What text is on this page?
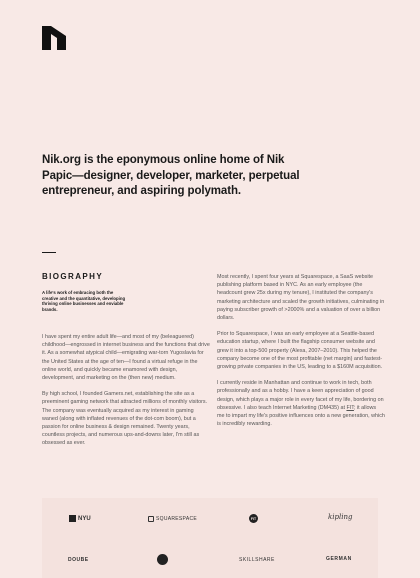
Nik.org is the eponymous online home of Nik Papic—designer, developer, marketer, perpetual entrepreneur, and aspiring polymath.

BIOGRAPHY

A life's work of embracing both the creative and the quantitative, developing thriving online businesses and enviable brands.

I have spent my entire adult life—and most of my (beleaguered) childhood—engrossed in internet business and the functions that drive it. As a somewhat atypical child—emigrating war-torn Yugoslavia for the United States at the age of ten—I found a virtual refuge in the online world, and quickly became enamored with design, development, and marketing on the (then new) medium.

By high school, I founded Gamers.net, establishing the site as a preeminent gaming network that attracted millions of monthly visitors. The company was eventually acquired as my interest in gaming waned (along with inflated revenues of the dot-com boom), but a passion for online business & design remained. Twenty years, countless projects, and numerous ups-and-downs later, I'm still as obsessed as ever.

Most recently, I spent four years at Squarespace, a SaaS website publishing platform based in NYC. As an early employee (the headcount grew 25x during my tenure), I instituted the company's marketing architecture and scaled the growth initiatives, culminating in paying subscriber growth of >2000% and a valuation of over a billion dollars.

Prior to Squarespace, I was an early employee at a Seattle-based education startup, where I built the flagship consumer website and grew it into a top-500 property (Alexa, 2007–2010). This helped the company become one of the most profitable (net margin) and fastest-growing private companies in the US, leading to a $160M acquisition.

I currently reside in Manhattan and continue to work in tech, both professionally and as a hobby. I have a keen appreciation of good design, which plays a major role in every facet of my life, bordering on obsessive. I also teach Internet Marketing (DM435) at FIT; it allows me to impart my life's positive influences onto a new generation, which is incredibly rewarding.

NYU	SQUARESPACE	FIT	kipling
DOUBE	SKILLSHARE	GERMAN
